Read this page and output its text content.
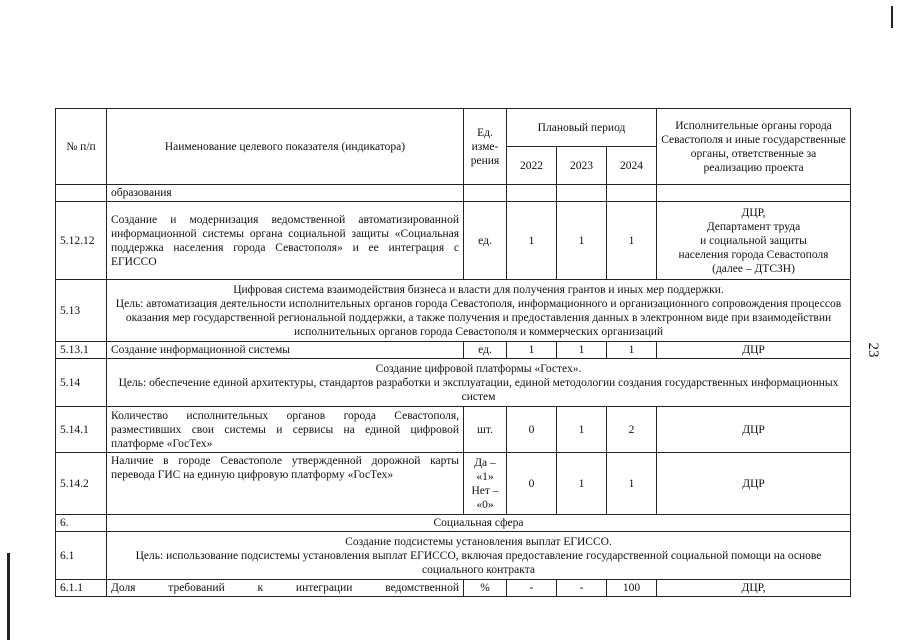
23
№ п/п	Наименование целевого показателя (индикатора)	Ед. изме-рения	Плановый период			Исполнительные органы города Севастополя и иные государственные органы, ответственные за реализацию проекта
			2022	2023	2024	
	образования					
5.12.12	Создание и модернизация ведомственной автоматизированной информационной системы органа социальной защиты «Социальная поддержка населения города Севастополя» и ее интеграция с ЕГИССО	ед.	1	1	1	ДЦР,
Департамент труда
и социальной защиты
населения города Севастополя
(далее – ДТСЗН)

5.13	Цифровая система взаимодействия бизнеса и власти для получения грантов и иных мер поддержки.
Цель: автоматизация деятельности исполнительных органов города Севастополя, информационного и организационного сопровождения процессов оказания мер государственной региональной поддержки, а также получения и предоставления данных в электронном виде при взаимодействии исполнительных органов города Севастополя и коммерческих организаций					

5.13.1	Создание информационной системы	ед.	1	1	1	ДЦР
5.14	Создание цифровой платформы «Гостех».
Цель: обеспечение единой архитектуры, стандартов разработки и эксплуатации, единой методологии создания государственных информационных систем					

5.14.1	Количество исполнительных органов города Севастополя, разместивших свои системы и сервисы на единой цифровой платформе «ГосТех»	шт.	0	1	2	ДЦР
5.14.2	Наличие в городе Севастополе утвержденной дорожной карты перевода ГИС на единую цифровую платформу «ГосТех»	Да – «1» Нет – «0»	0	1	1	ДЦР
6.	Социальная сфера					
6.1	Создание подсистемы установления выплат ЕГИССО.
Цель: использование подсистемы установления выплат ЕГИССО, включая предоставление государственной социальной помощи на основе социального контракта					

6.1.1	Доля требований к интеграции ведомственной	%	-	-	100	ДЦР,
